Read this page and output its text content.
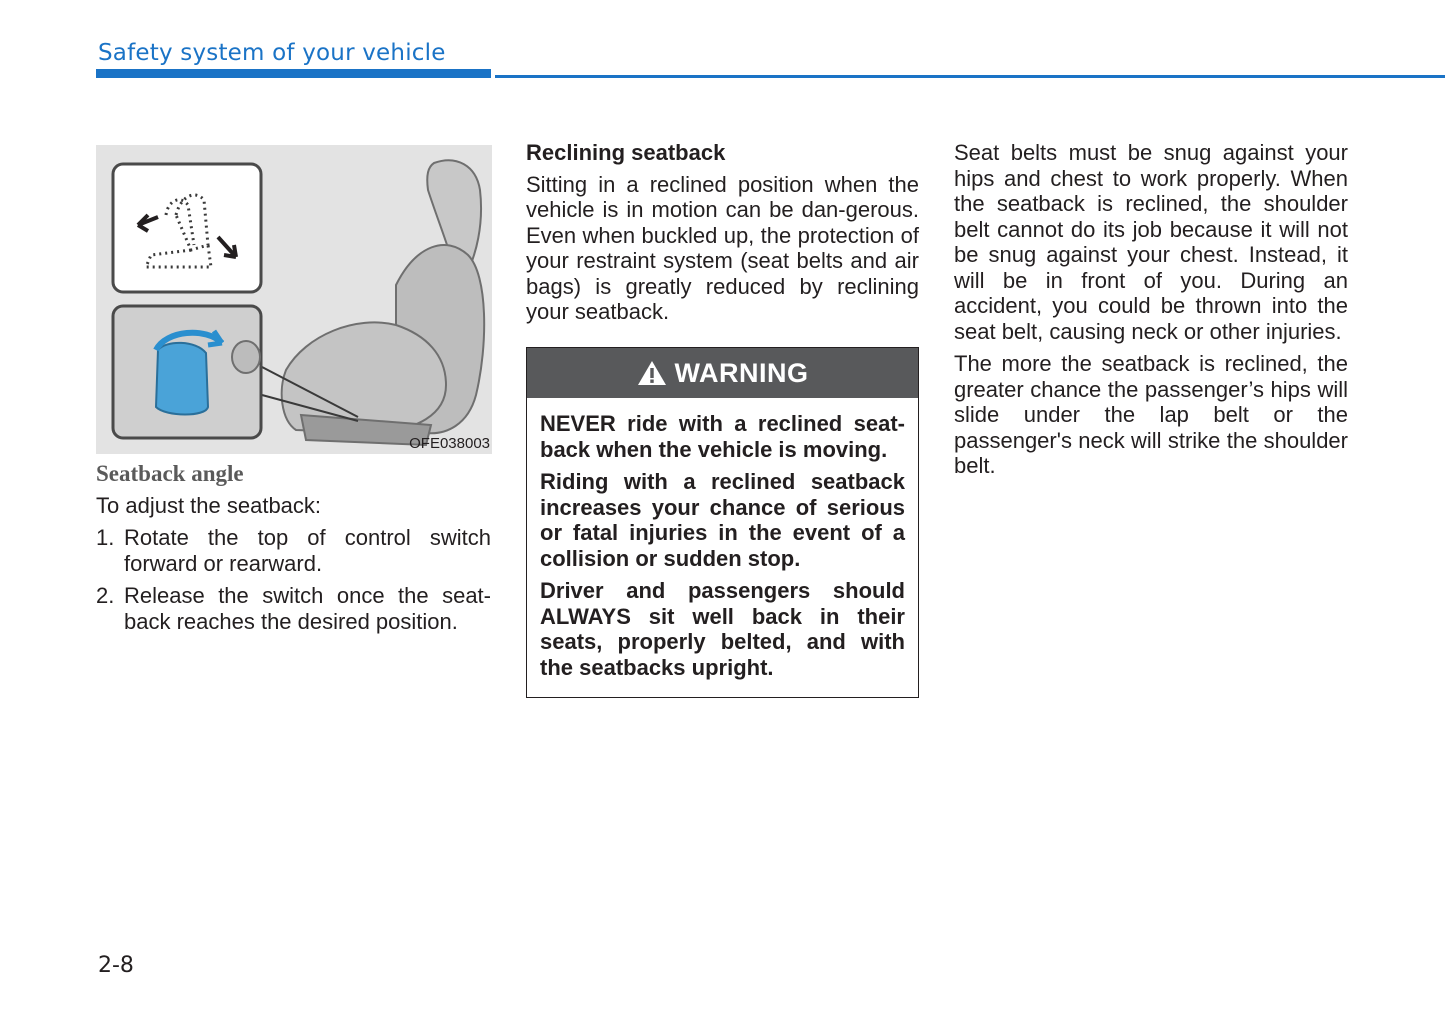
Safety system of your vehicle
OFE038003
Seatback angle

To adjust the seatback:

1. Rotate the top of control switch forward or rearward.
2. Release the switch once the seat-back reaches the desired position.
Reclining seatback

Sitting in a reclined position when the vehicle is in motion can be dan-gerous. Even when buckled up, the protection of your restraint system (seat belts and air bags) is greatly reduced by reclining your seatback.

WARNING

NEVER ride with a reclined seat-back when the vehicle is moving.

Riding with a reclined seatback increases your chance of serious or fatal injuries in the event of a collision or sudden stop.

Driver and passengers should ALWAYS sit well back in their seats, properly belted, and with the seatbacks upright.

Seat belts must be snug against your hips and chest to work properly. When the seatback is reclined, the shoulder belt cannot do its job because it will not be snug against your chest. Instead, it will be in front of you. During an accident, you could be thrown into the seat belt, causing neck or other injuries.

The more the seatback is reclined, the greater chance the passenger’s hips will slide under the lap belt or the passenger's neck will strike the shoulder belt.

2-8
